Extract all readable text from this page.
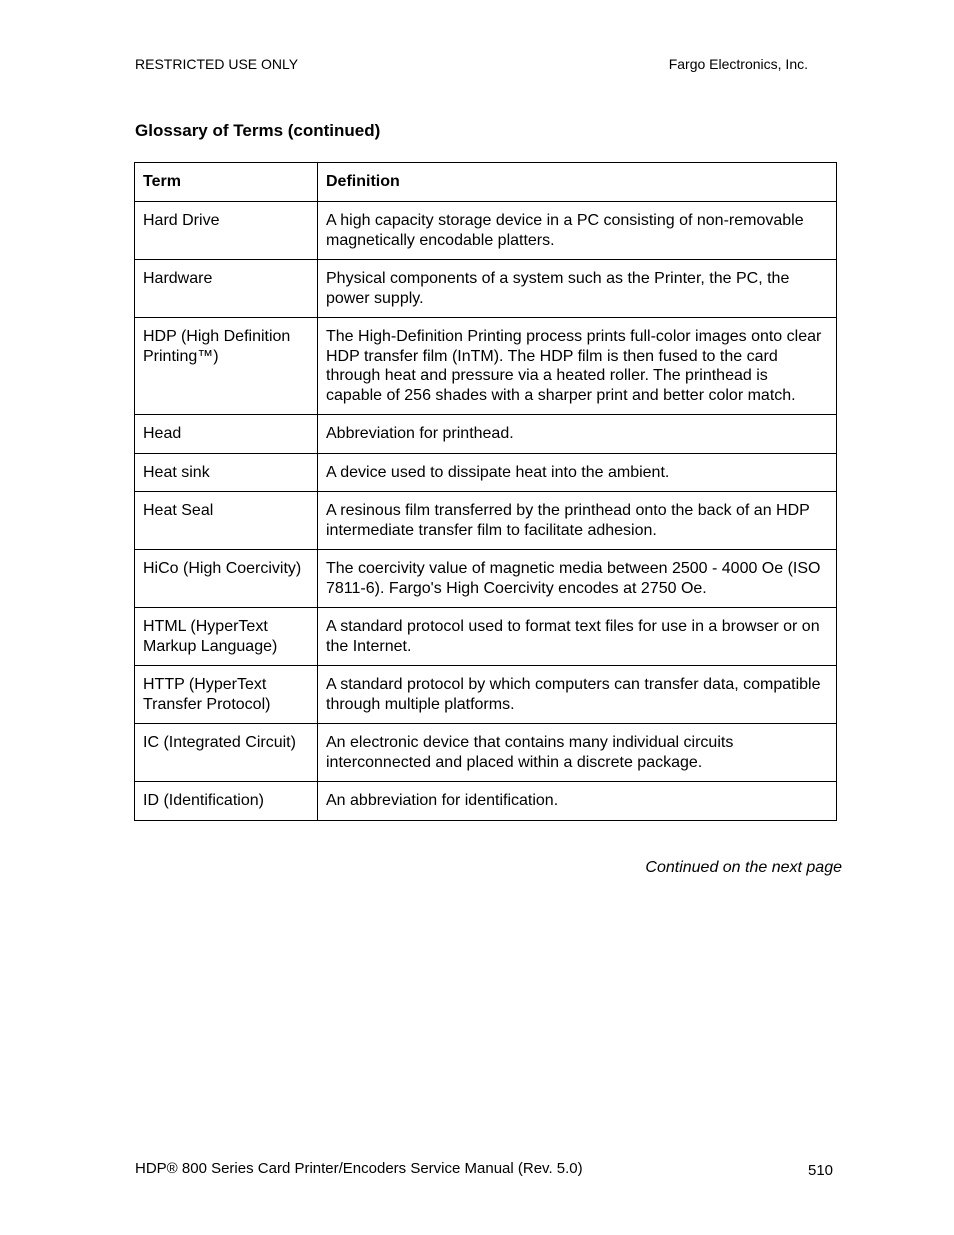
RESTRICTED USE ONLY	Fargo Electronics, Inc.
Glossary of Terms (continued)
Term	Definition
Hard Drive	A high capacity storage device in a PC consisting of non-removable magnetically encodable platters.
Hardware	Physical components of a system such as the Printer, the PC, the power supply.
HDP (High Definition Printing™)	The High-Definition Printing process prints full-color images onto clear HDP transfer film (InTM). The HDP film is then fused to the card through heat and pressure via a heated roller. The printhead is capable of 256 shades with a sharper print and better color match.
Head	Abbreviation for printhead.
Heat sink	A device used to dissipate heat into the ambient.
Heat Seal	A resinous film transferred by the printhead onto the back of an HDP intermediate transfer film to facilitate adhesion.
HiCo (High Coercivity)	The coercivity value of magnetic media between 2500 - 4000 Oe (ISO 7811-6). Fargo's High Coercivity encodes at 2750 Oe.
HTML (HyperText Markup Language)	A standard protocol used to format text files for use in a browser or on the Internet.
HTTP (HyperText Transfer Protocol)	A standard protocol by which computers can transfer data, compatible through multiple platforms.
IC (Integrated Circuit)	An electronic device that contains many individual circuits interconnected and placed within a discrete package.
ID (Identification)	An abbreviation for identification.
Continued on the next page
HDP® 800 Series Card Printer/Encoders Service Manual (Rev. 5.0)	510
